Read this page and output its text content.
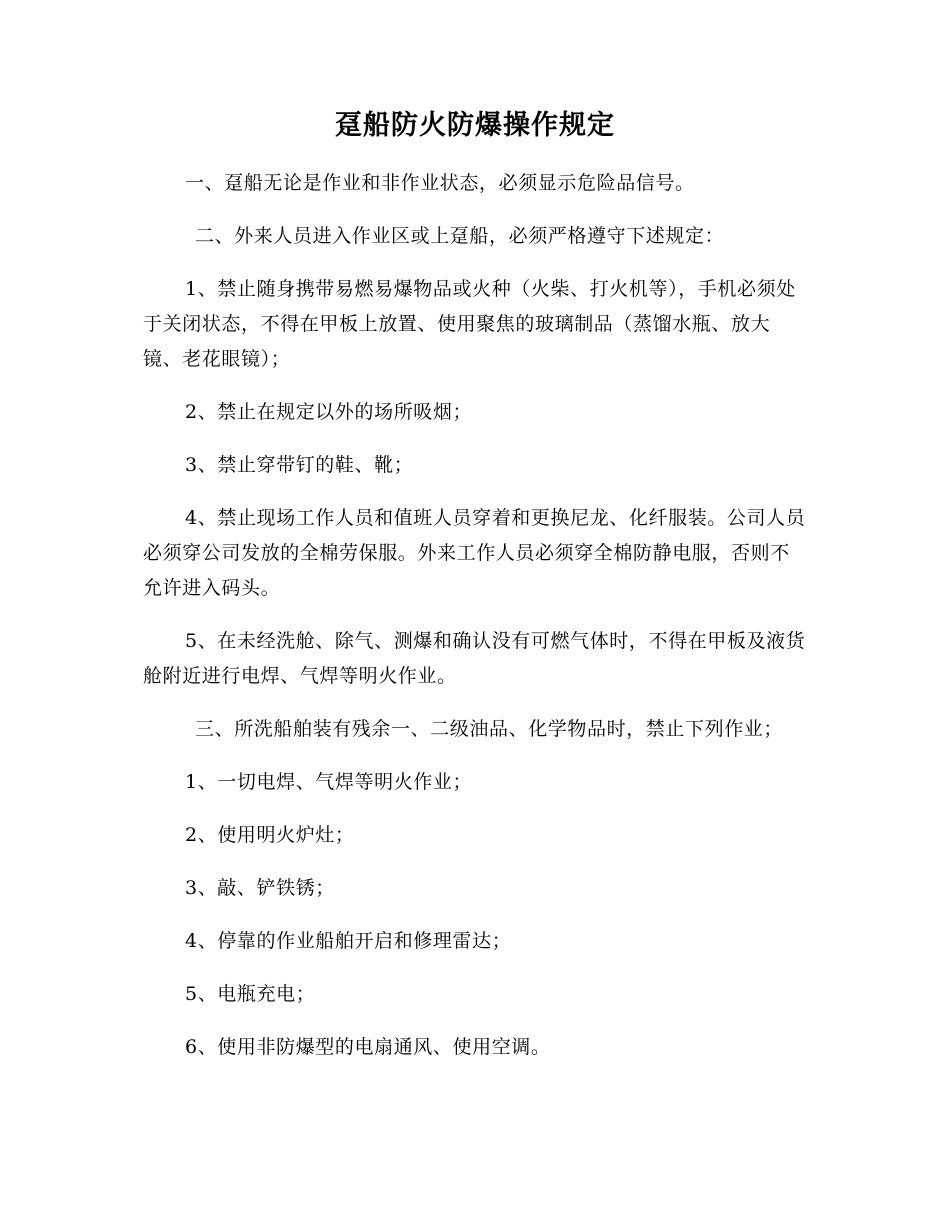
趸船防火防爆操作规定

一、趸船无论是作业和非作业状态，必须显示危险品信号。

二、外来人员进入作业区或上趸船，必须严格遵守下述规定：

1、禁止随身携带易燃易爆物品或火种（火柴、打火机等），手机必须处于关闭状态，不得在甲板上放置、使用聚焦的玻璃制品（蒸馏水瓶、放大镜、老花眼镜）；

2、禁止在规定以外的场所吸烟；

3、禁止穿带钉的鞋、靴；

4、禁止现场工作人员和值班人员穿着和更换尼龙、化纤服装。公司人员必须穿公司发放的全棉劳保服。外来工作人员必须穿全棉防静电服，否则不允许进入码头。

5、在未经洗舱、除气、测爆和确认没有可燃气体时，不得在甲板及液货舱附近进行电焊、气焊等明火作业。

三、所洗船舶装有残余一、二级油品、化学物品时，禁止下列作业；

1、一切电焊、气焊等明火作业；

2、使用明火炉灶；

3、敲、铲铁锈；

4、停靠的作业船舶开启和修理雷达；

5、电瓶充电；

6、使用非防爆型的电扇通风、使用空调。
